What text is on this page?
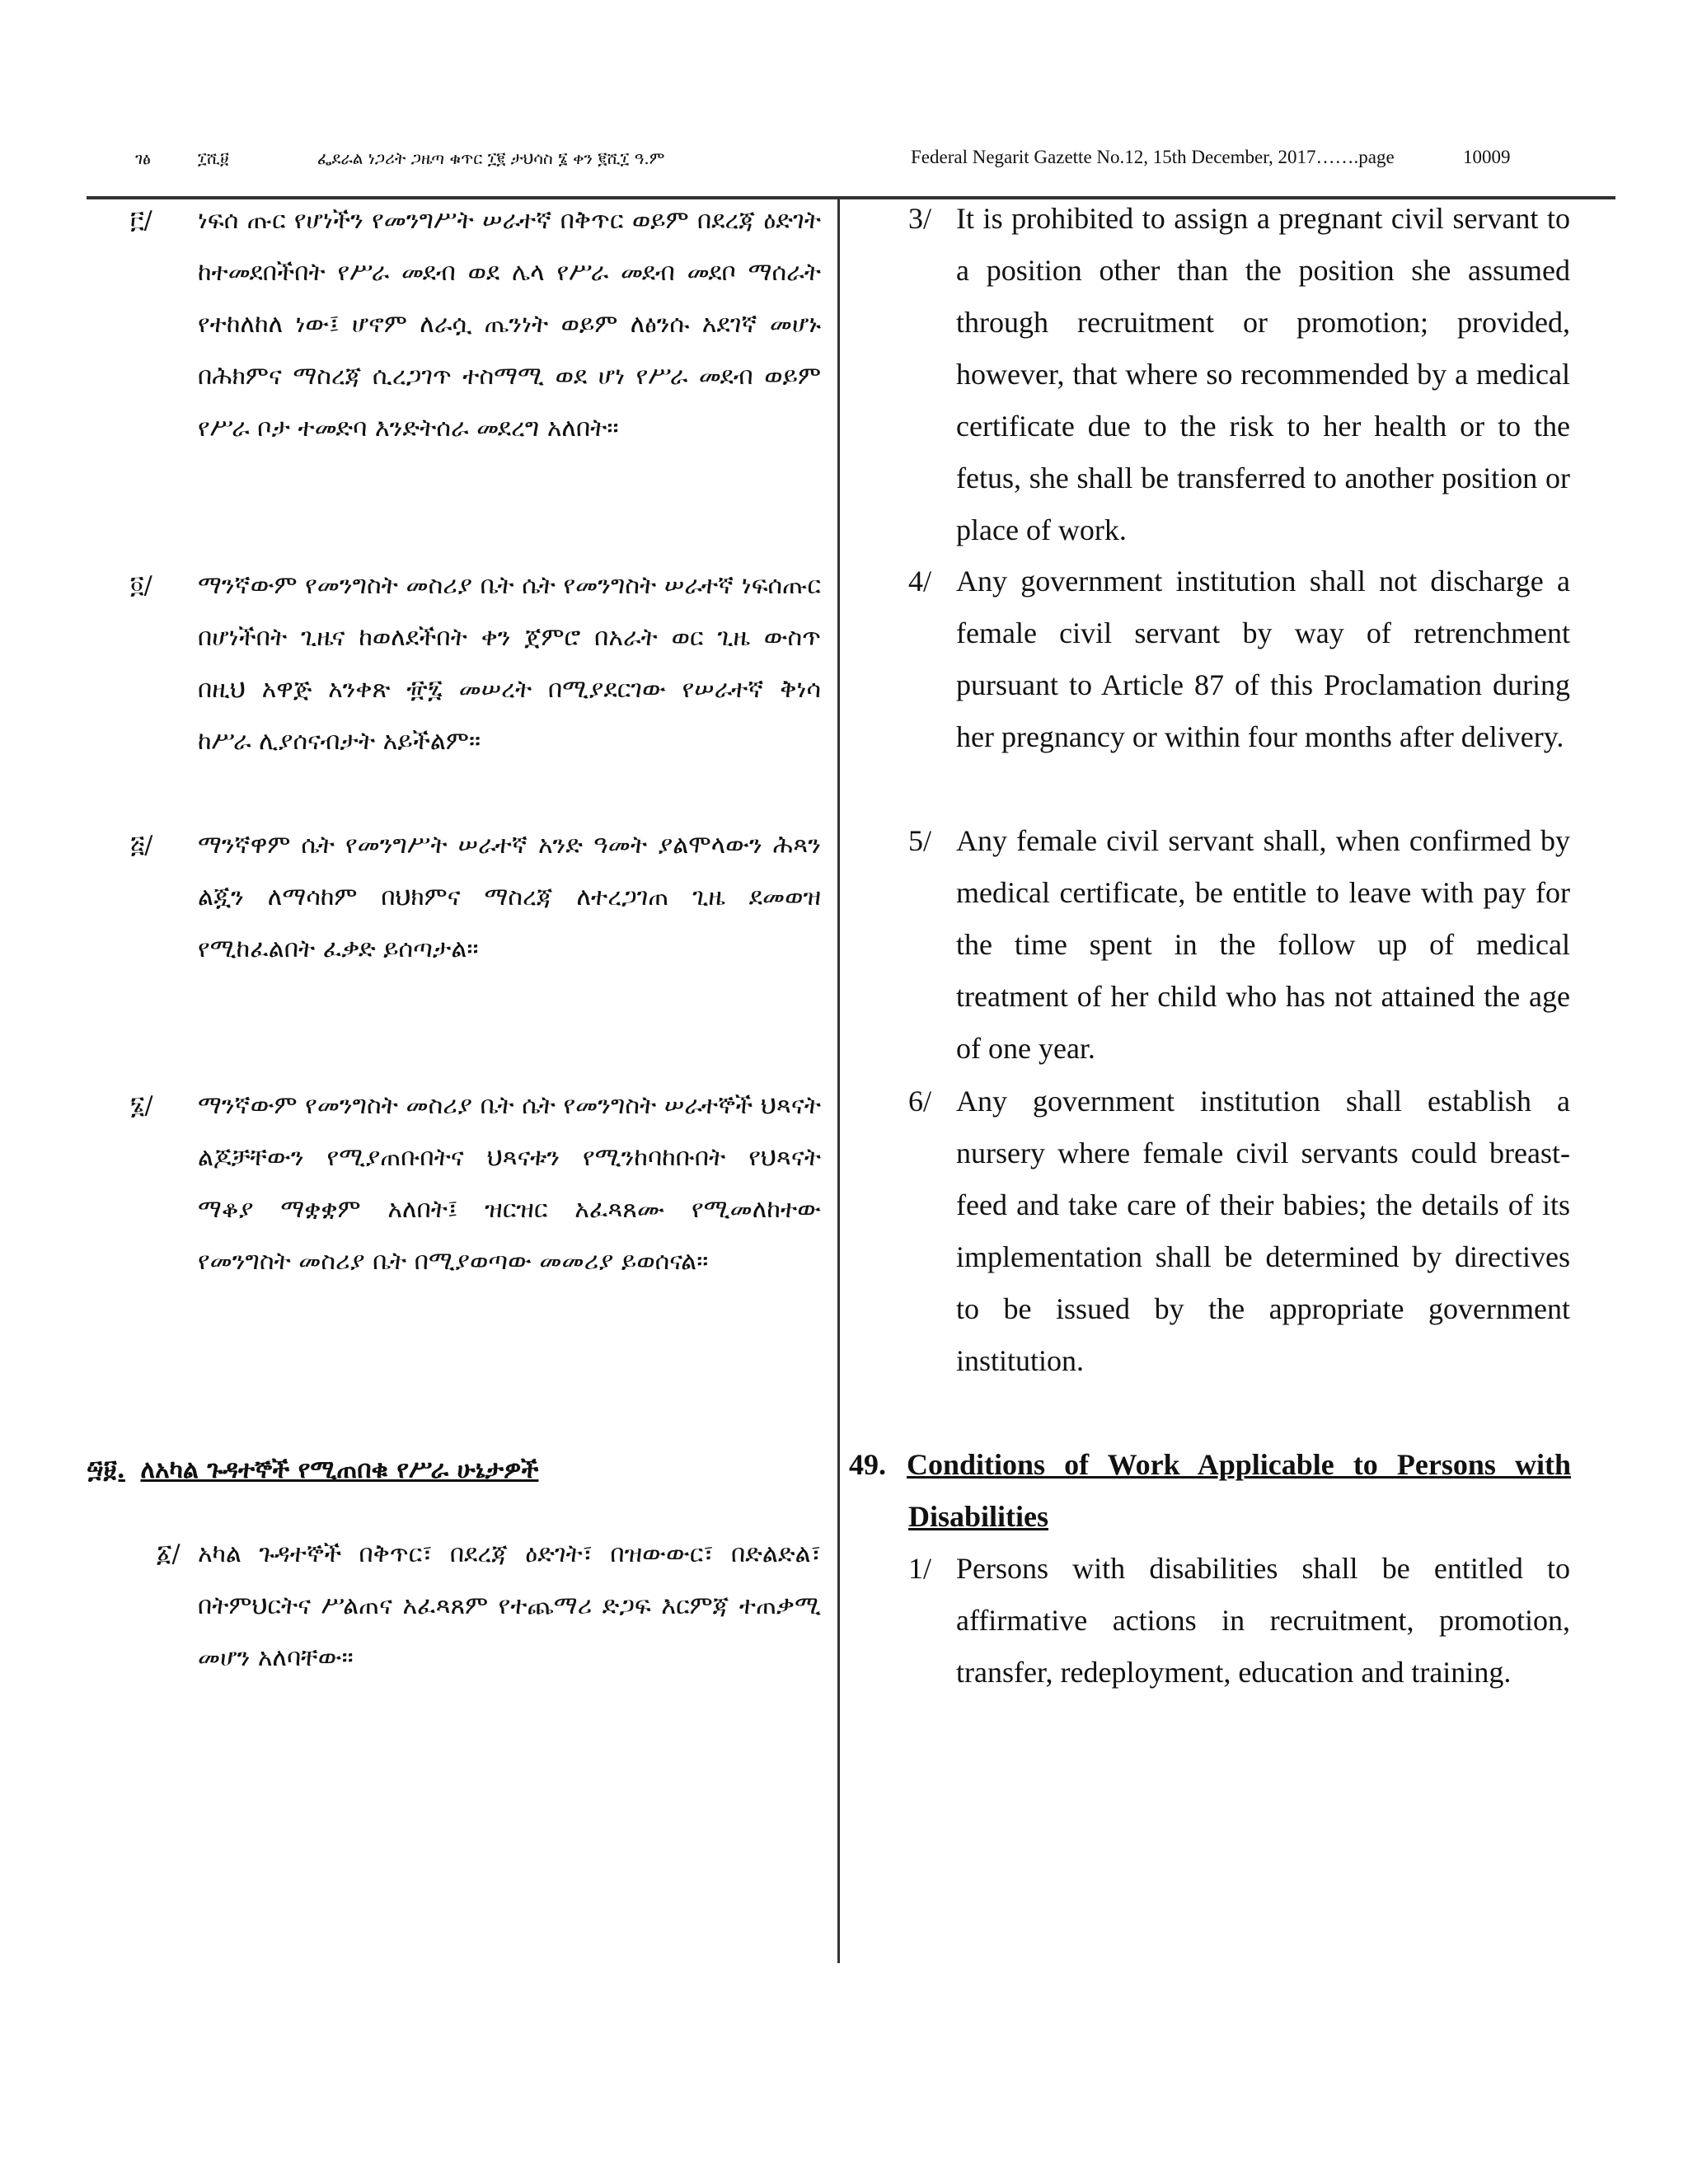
ገፅ	፲ሺ፱	ፌደራል ነጋሪት ጋዜጣ ቁጥር ፲፪ ታህሳስ ፮ ቀን ፪ሺ፲ ዓ.ም	Federal Negarit Gazette No.12, 15th December, 2017…….page	10009
፫/ ነፍሰ ጡር የሆነችን የመንግሥት ሠራተኛ በቅጥር ወይም በደረጃ ዕድገት ከተመደበችበት የሥራ መደብ ወደ ሌላ የሥራ መደብ መደቦ ማሰራት የተከለከለ ነው፤ ሆኖም ለራሷ ጤንነት ወይም ለፅንሱ አደገኛ መሆኑ በሕክምና ማስረጃ ሲረጋገጥ ተስማሚ ወደ ሆነ የሥራ መደብ ወይም የሥራ ቦታ ተመድባ እንድትሰራ መደረግ አለበት፡፡
፬/ ማንኛውም የመንግስት መስሪያ ቤት ሴት የመንግስት ሠራተኛ ነፍሰጡር በሆነችበት ጊዜና ከወለደችበት ቀን ጀምሮ በአራት ወር ጊዜ ውስጥ በዚህ አዋጅ አንቀጽ ፹፯ መሠረት በሚያደርገው የሠራተኛ ቅነሳ ከሥራ ሊያሰናብታት አይችልም፡፡
፭/ ማንኛዋም ሴት የመንግሥት ሠራተኛ አንድ ዓመት ያልሞላውን ሕጻን ልጇን ለማሳከም በህክምና ማስረጃ ለተረጋገጠ ጊዜ ደመወዝ የሚከፈልበት ፈቃድ ይሰጣታል፡፡
፮/ ማንኛውም የመንግስት መስሪያ ቤት ሴት የመንግስት ሠራተኞች ህጻናት ልጆቻቸውን የሚያጠቡበትና ህጻናቱን የሚንከባከቡበት የህጻናት ማቆያ ማቋቋም አለበት፤ ዝርዝር አፈጻጸሙ የሚመለከተው የመንግስት መስሪያ ቤት በሚያወጣው መመሪያ ይወሰናል፡፡
፵፱. ለአካል ጉዳተኞች የሚጠበቁ የሥራ ሁኔታዎች
፩/ አካል ጉዳተኞች በቅጥር፣ በደረጃ ዕድገት፣ በዝውውር፣ በድልድል፣ በትምህርትና ሥልጠና አፈጻጸም የተጨማሪ ድጋፍ እርምጃ ተጠቃሚ መሆን አለባቸው፡፡
3/ It is prohibited to assign a pregnant civil servant to a position other than the position she assumed through recruitment or promotion; provided, however, that where so recommended by a medical certificate due to the risk to her health or to the fetus, she shall be transferred to another position or place of work.
4/ Any government institution shall not discharge a female civil servant by way of retrenchment pursuant to Article 87 of this Proclamation during her pregnancy or within four months after delivery.
5/ Any female civil servant shall, when confirmed by medical certificate, be entitle to leave with pay for the time spent in the follow up of medical treatment of her child who has not attained the age of one year.
6/ Any government institution shall establish a nursery where female civil servants could breast-feed and take care of their babies; the details of its implementation shall be determined by directives to be issued by the appropriate government institution.
49. Conditions of Work Applicable to Persons with
Disabilities
1/ Persons with disabilities shall be entitled to affirmative actions in recruitment, promotion, transfer, redeployment, education and training.
